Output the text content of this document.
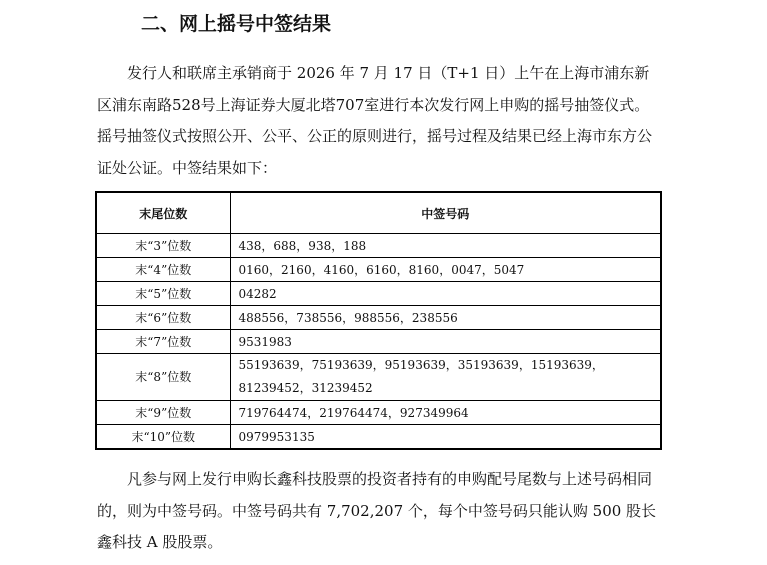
二、网上摇号中签结果

发行人和联席主承销商于 2026 年 7 月 17 日（T+1 日）上午在上海市浦东新区浦东南路528号上海证券大厦北塔707室进行本次发行网上申购的摇号抽签仪式。摇号抽签仪式按照公开、公平、公正的原则进行，摇号过程及结果已经上海市东方公证处公证。中签结果如下：

末尾位数	中签号码
末“3”位数	438，688，938，188
末“4”位数	0160，2160，4160，6160，8160，0047，5047
末“5”位数	04282
末“6”位数	488556，738556，988556，238556
末“7”位数	9531983
末“8”位数	55193639，75193639，95193639，35193639，15193639，81239452，31239452
末“9”位数	719764474，219764474，927349964
末“10”位数	0979953135

凡参与网上发行申购长鑫科技股票的投资者持有的申购配号尾数与上述号码相同的，则为中签号码。中签号码共有 7,702,207 个，每个中签号码只能认购 500 股长鑫科技 A 股股票。
